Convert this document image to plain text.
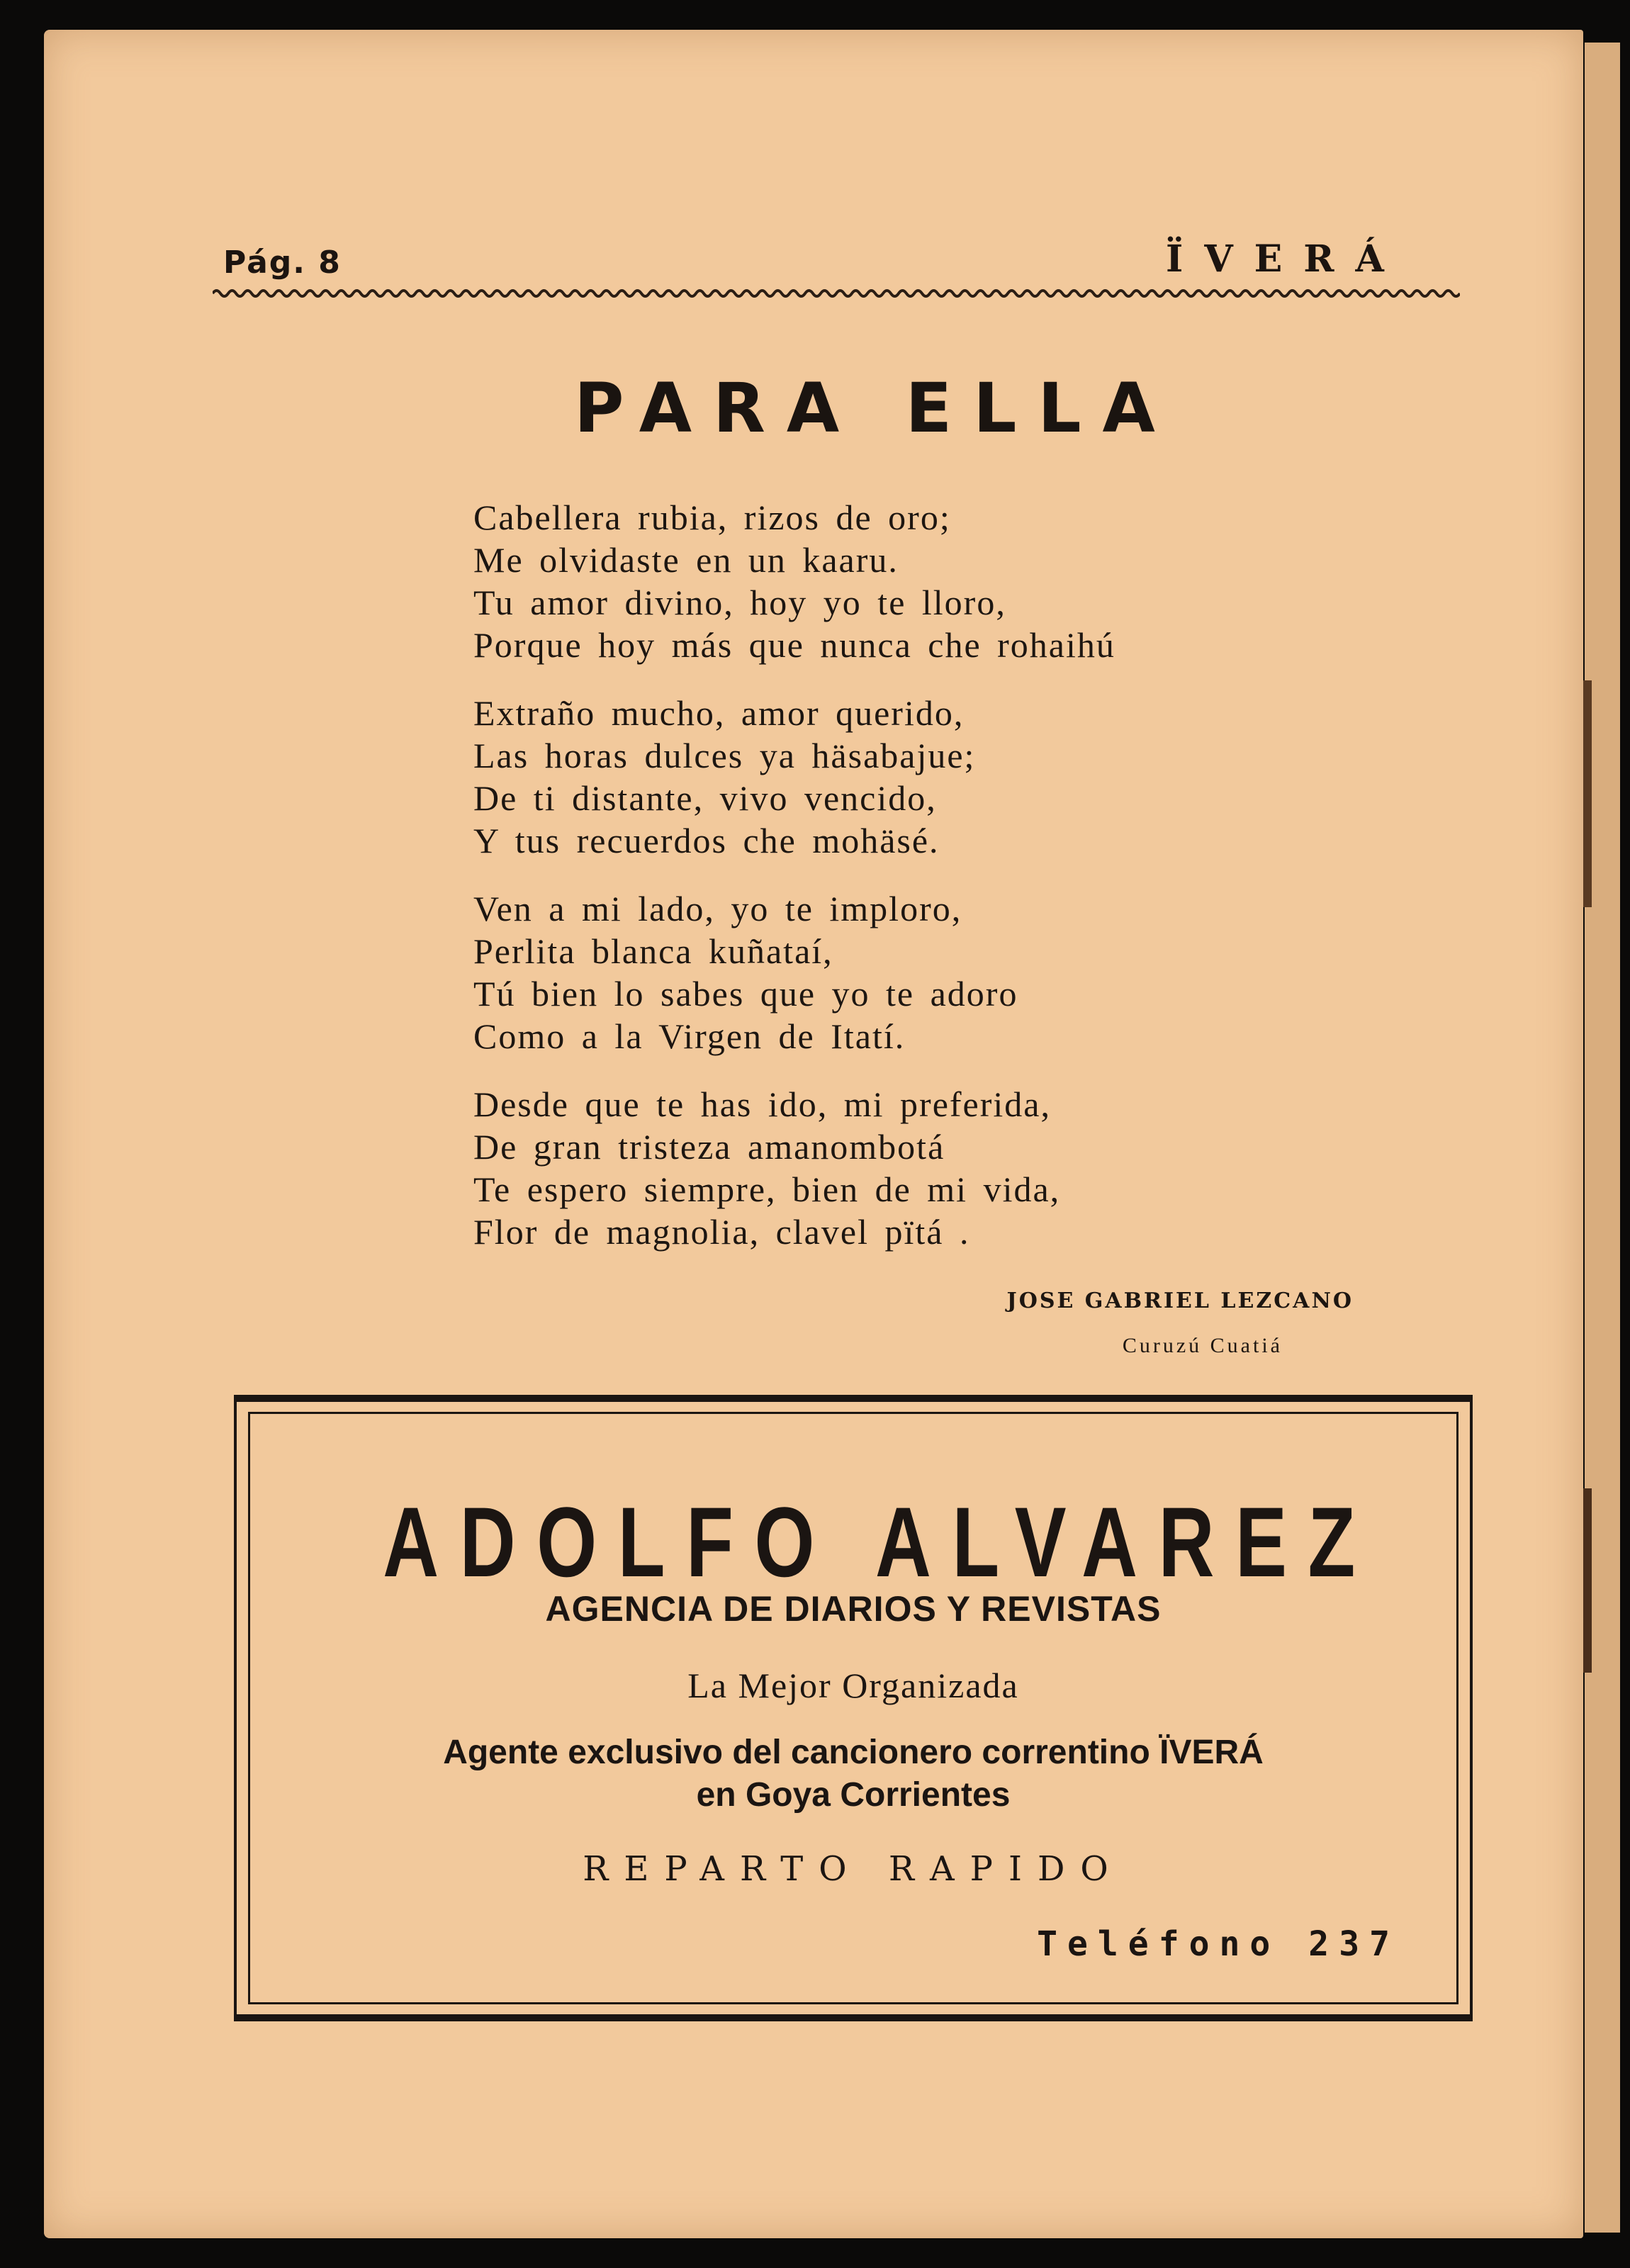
Pág. 8	ÏVERÁ
PARA ELLA
Cabellera rubia, rizos de oro;
Me olvidaste en un kaaru.
Tu amor divino, hoy yo te lloro,
Porque hoy más que nunca che rohaihú
Extraño mucho, amor querido,
Las horas dulces ya häsabajue;
De ti distante, vivo vencido,
Y tus recuerdos che mohäsé.
Ven a mi lado, yo te imploro,
Perlita blanca kuñataí,
Tú bien lo sabes que yo te adoro
Como a la Virgen de Itatí.
Desde que te has ido, mi preferida,
De gran tristeza amanombotá
Te espero siempre, bien de mi vida,
Flor de magnolia, clavel pïtá .
JOSE GABRIEL LEZCANO
Curuzú Cuatiá
ADOLFO ALVAREZ
AGENCIA DE DIARIOS Y REVISTAS
La Mejor Organizada
Agente exclusivo del cancionero correntino ÏVERÁ
en Goya Corrientes
REPARTO RAPIDO
Teléfono 237
